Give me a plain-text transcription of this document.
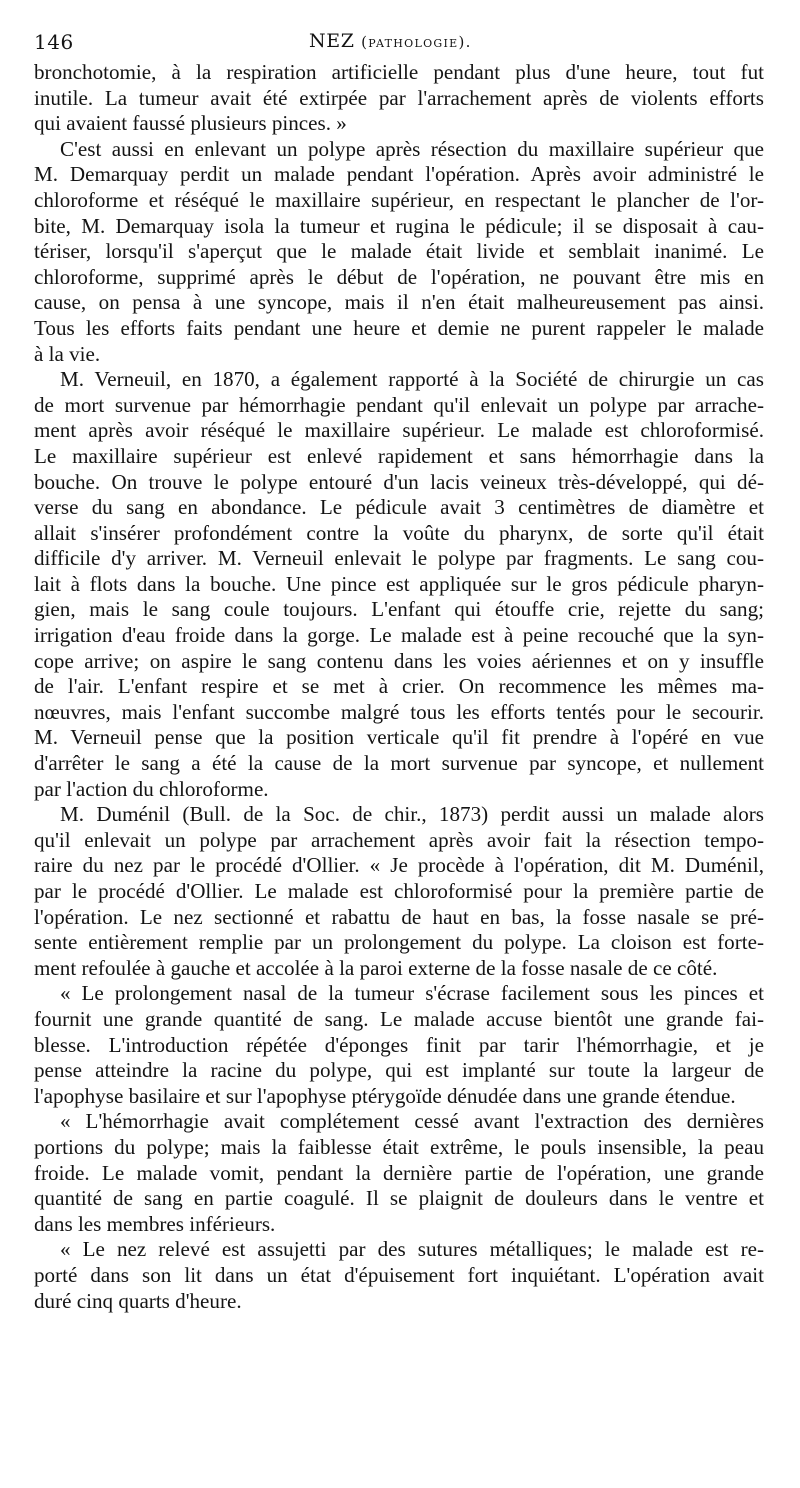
146	NEZ (pathologie).
bronchotomie, à la respiration artificielle pendant plus d'une heure, tout fut
inutile. La tumeur avait été extirpée par l'arrachement après de violents efforts
qui avaient faussé plusieurs pinces. »
C'est aussi en enlevant un polype après résection du maxillaire supérieur que
M. Demarquay perdit un malade pendant l'opération. Après avoir administré le
chloroforme et réséqué le maxillaire supérieur, en respectant le plancher de l'or-
bite, M. Demarquay isola la tumeur et rugina le pédicule; il se disposait à cau-
tériser, lorsqu'il s'aperçut que le malade était livide et semblait inanimé. Le
chloroforme, supprimé après le début de l'opération, ne pouvant être mis en
cause, on pensa à une syncope, mais il n'en était malheureusement pas ainsi.
Tous les efforts faits pendant une heure et demie ne purent rappeler le malade
à la vie.
M. Verneuil, en 1870, a également rapporté à la Société de chirurgie un cas
de mort survenue par hémorrhagie pendant qu'il enlevait un polype par arrache-
ment après avoir réséqué le maxillaire supérieur. Le malade est chloroformisé.
Le maxillaire supérieur est enlevé rapidement et sans hémorrhagie dans la
bouche. On trouve le polype entouré d'un lacis veineux très-développé, qui dé-
verse du sang en abondance. Le pédicule avait 3 centimètres de diamètre et
allait s'insérer profondément contre la voûte du pharynx, de sorte qu'il était
difficile d'y arriver. M. Verneuil enlevait le polype par fragments. Le sang cou-
lait à flots dans la bouche. Une pince est appliquée sur le gros pédicule pharyn-
gien, mais le sang coule toujours. L'enfant qui étouffe crie, rejette du sang;
irrigation d'eau froide dans la gorge. Le malade est à peine recouché que la syn-
cope arrive; on aspire le sang contenu dans les voies aériennes et on y insuffle
de l'air. L'enfant respire et se met à crier. On recommence les mêmes ma-
nœuvres, mais l'enfant succombe malgré tous les efforts tentés pour le secourir.
M. Verneuil pense que la position verticale qu'il fit prendre à l'opéré en vue
d'arrêter le sang a été la cause de la mort survenue par syncope, et nullement
par l'action du chloroforme.
M. Duménil (Bull. de la Soc. de chir., 1873) perdit aussi un malade alors
qu'il enlevait un polype par arrachement après avoir fait la résection tempo-
raire du nez par le procédé d'Ollier. « Je procède à l'opération, dit M. Duménil,
par le procédé d'Ollier. Le malade est chloroformisé pour la première partie de
l'opération. Le nez sectionné et rabattu de haut en bas, la fosse nasale se pré-
sente entièrement remplie par un prolongement du polype. La cloison est forte-
ment refoulée à gauche et accolée à la paroi externe de la fosse nasale de ce côté.
« Le prolongement nasal de la tumeur s'écrase facilement sous les pinces et
fournit une grande quantité de sang. Le malade accuse bientôt une grande fai-
blesse. L'introduction répétée d'éponges finit par tarir l'hémorrhagie, et je
pense atteindre la racine du polype, qui est implanté sur toute la largeur de
l'apophyse basilaire et sur l'apophyse ptérygoïde dénudée dans une grande étendue.
« L'hémorrhagie avait complétement cessé avant l'extraction des dernières
portions du polype; mais la faiblesse était extrême, le pouls insensible, la peau
froide. Le malade vomit, pendant la dernière partie de l'opération, une grande
quantité de sang en partie coagulé. Il se plaignit de douleurs dans le ventre et
dans les membres inférieurs.
« Le nez relevé est assujetti par des sutures métalliques; le malade est re-
porté dans son lit dans un état d'épuisement fort inquiétant. L'opération avait
duré cinq quarts d'heure.
